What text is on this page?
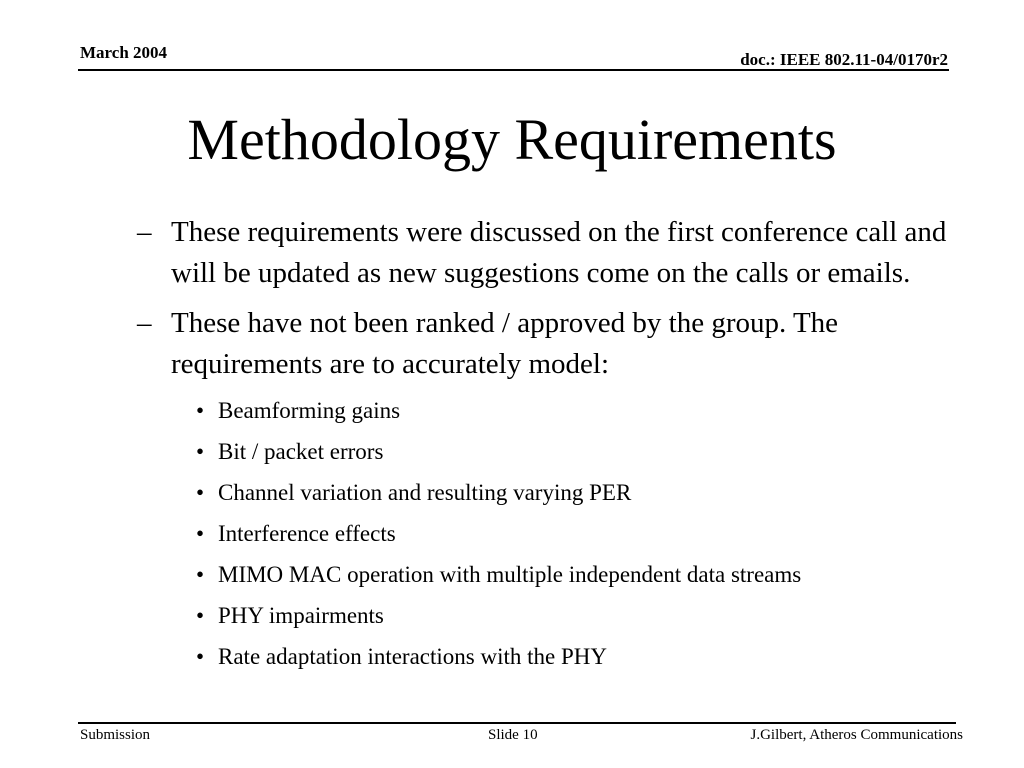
March 2004	doc.: IEEE 802.11-04/0170r2
Methodology Requirements
– These requirements were discussed on the first conference call and will be updated as new suggestions come on the calls or emails.
– These have not been ranked / approved by the group. The requirements are to accurately model:
• Beamforming gains
• Bit / packet errors
• Channel variation and resulting varying PER
• Interference effects
• MIMO MAC operation with multiple independent data streams
• PHY impairments
• Rate adaptation interactions with the PHY
Submission	Slide 10	J.Gilbert, Atheros Communications
